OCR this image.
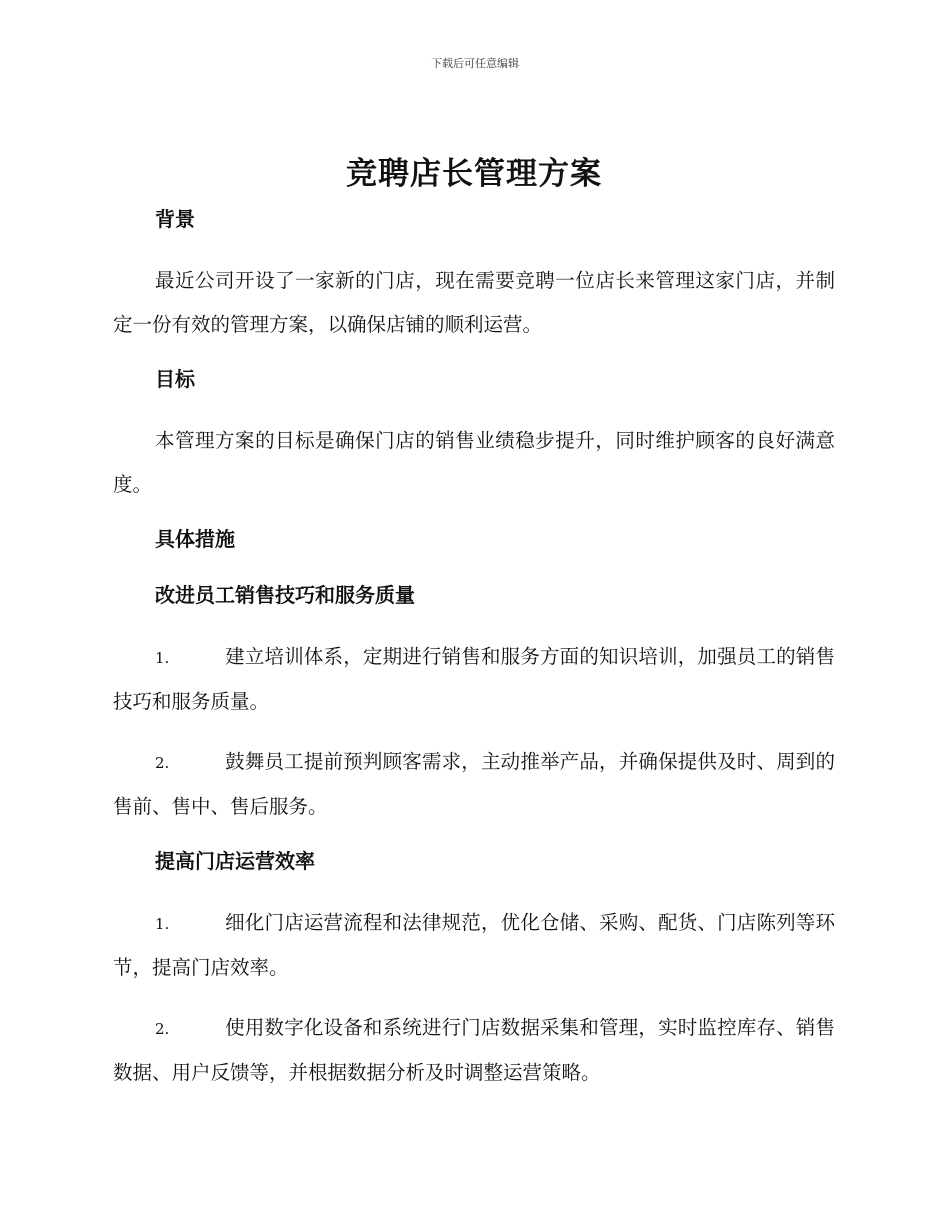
下载后可任意编辑
竞聘店长管理方案
背景

最近公司开设了一家新的门店，现在需要竞聘一位店长来管理这家门店，并制定一份有效的管理方案，以确保店铺的顺利运营。

目标

本管理方案的目标是确保门店的销售业绩稳步提升，同时维护顾客的良好满意度。

具体措施
改进员工销售技巧和服务质量

1.	建立培训体系，定期进行销售和服务方面的知识培训，加强员工的销售技巧和服务质量。

2.	鼓舞员工提前预判顾客需求，主动推举产品，并确保提供及时、周到的售前、售中、售后服务。

提高门店运营效率

1.	细化门店运营流程和法律规范，优化仓储、采购、配货、门店陈列等环节，提高门店效率。

2.	使用数字化设备和系统进行门店数据采集和管理，实时监控库存、销售数据、用户反馈等，并根据数据分析及时调整运营策略。
